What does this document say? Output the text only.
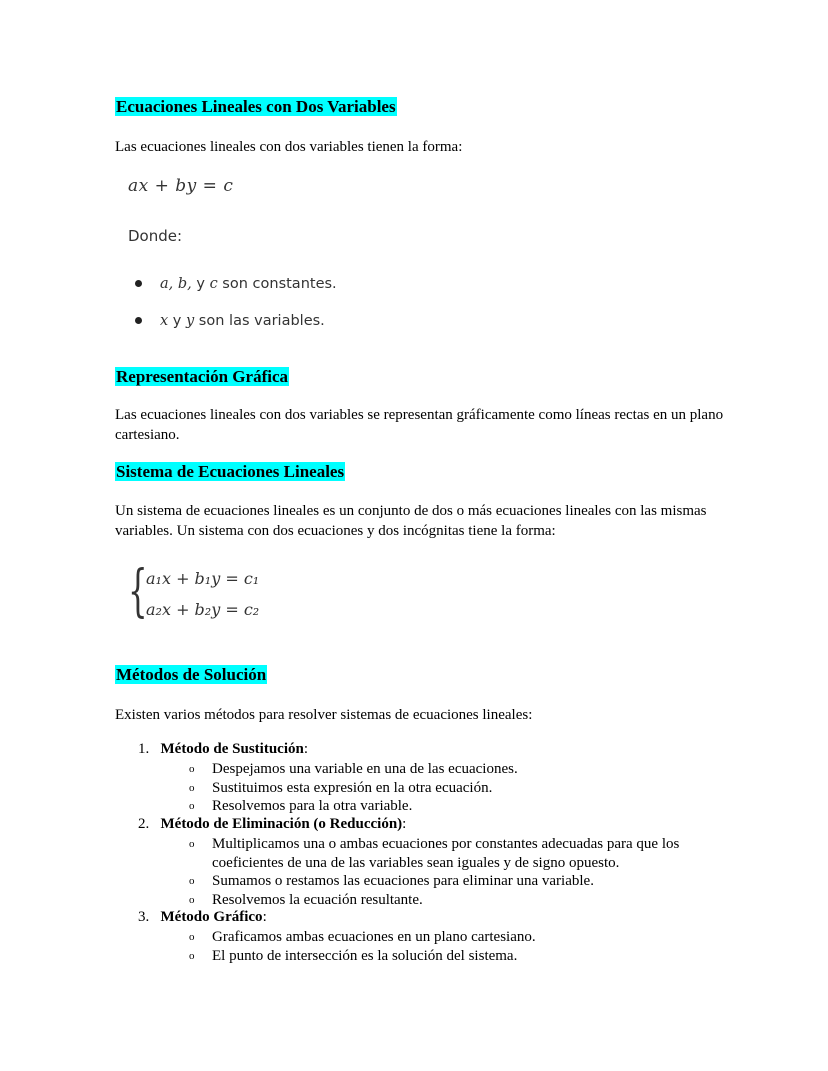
Ecuaciones Lineales con Dos Variables
Las ecuaciones lineales con dos variables tienen la forma:
ax + by = c
Donde:
a, b, y c son constantes.
x y y son las variables.
Representación Gráfica
Las ecuaciones lineales con dos variables se representan gráficamente como líneas rectas en un plano cartesiano.
Sistema de Ecuaciones Lineales
Un sistema de ecuaciones lineales es un conjunto de dos o más ecuaciones lineales con las mismas variables. Un sistema con dos ecuaciones y dos incógnitas tiene la forma:
{
a₁x + b₁y = c₁
a₂x + b₂y = c₂
Métodos de Solución
Existen varios métodos para resolver sistemas de ecuaciones lineales:
1. Método de Sustitución:
o Despejamos una variable en una de las ecuaciones.
o Sustituimos esta expresión en la otra ecuación.
o Resolvemos para la otra variable.
2. Método de Eliminación (o Reducción):
o Multiplicamos una o ambas ecuaciones por constantes adecuadas para que los coeficientes de una de las variables sean iguales y de signo opuesto.
o Sumamos o restamos las ecuaciones para eliminar una variable.
o Resolvemos la ecuación resultante.
3. Método Gráfico:
o Graficamos ambas ecuaciones en un plano cartesiano.
o El punto de intersección es la solución del sistema.
